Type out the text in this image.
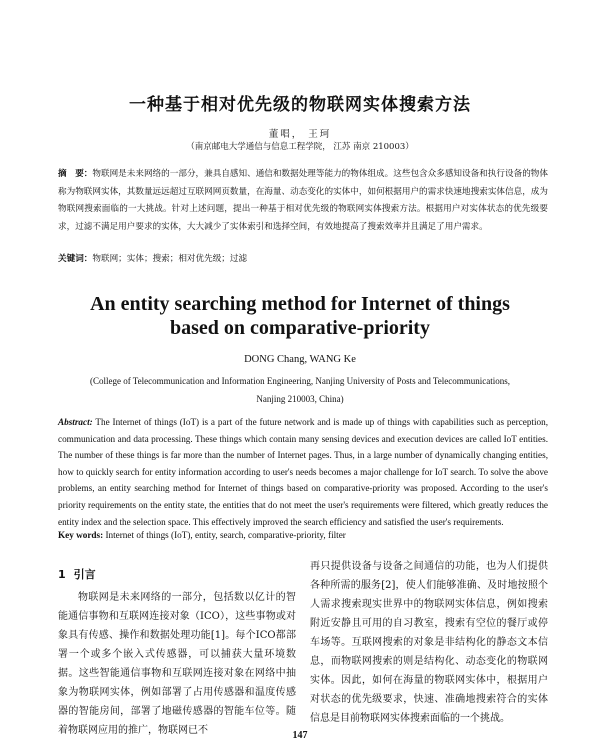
一种基于相对优先级的物联网实体搜索方法
董唱， 王珂
（南京邮电大学通信与信息工程学院， 江苏 南京 210003）
摘　要：物联网是未来网络的一部分，兼具自感知、通信和数据处理等能力的物体组成。这些包含众多感知设备和执行设备的物体称为物联网实体，其数量远远超过互联网网页数量，在海量、动态变化的实体中，如何根据用户的需求快速地搜索实体信息，成为物联网搜索面临的一大挑战。针对上述问题，提出一种基于相对优先级的物联网实体搜索方法。根据用户对实体状态的优先级要求，过滤不满足用户要求的实体，大大减少了实体索引和选择空间，有效地提高了搜索效率并且满足了用户需求。
关键词：物联网；实体；搜索；相对优先级；过滤
An entity searching method for Internet of things
based on comparative-priority
DONG Chang, WANG Ke
(College of Telecommunication and Information Engineering, Nanjing University of Posts and Telecommunications, Nanjing 210003, China)
Abstract: The Internet of things (IoT) is a part of the future network and is made up of things with capabilities such as perception, communication and data processing. These things which contain many sensing devices and execution devices are called IoT entities. The number of these things is far more than the number of Internet pages. Thus, in a large number of dynamically changing entities, how to quickly search for entity information according to user's needs becomes a major challenge for IoT search. To solve the above problems, an entity searching method for Internet of things based on comparative-priority was proposed. According to the user's priority requirements on the entity state, the entities that do not meet the user's requirements were filtered, which greatly reduces the entity index and the selection space. This effectively improved the search efficiency and satisfied the user's requirements.
Key words: Internet of things (IoT), entity, search, comparative-priority, filter
1 引言

物联网是未来网络的一部分，包括数以亿计的智能通信事物和互联网连接对象（ICO），这些事物或对象具有传感、操作和数据处理功能[1]。每个ICO都部署一个或多个嵌入式传感器，可以捕获大量环境数据。这些智能通信事物和互联网连接对象在网络中抽象为物联网实体，例如部署了占用传感器和温度传感器的智能房间，部署了地磁传感器的智能车位等。随着物联网应用的推广，物联网已不

再只提供设备与设备之间通信的功能，也为人们提供各种所需的服务[2]，使人们能够准确、及时地按照个人需求搜索现实世界中的物联网实体信息，例如搜索附近安静且可用的自习教室，搜索有空位的餐厅或停车场等。互联网搜索的对象是非结构化的静态文本信息，而物联网搜索的则是结构化、动态变化的物联网实体。因此，如何在海量的物联网实体中，根据用户对状态的优先级要求，快速、准确地搜索符合的实体信息是目前物联网实体搜索面临的一个挑战。

147
